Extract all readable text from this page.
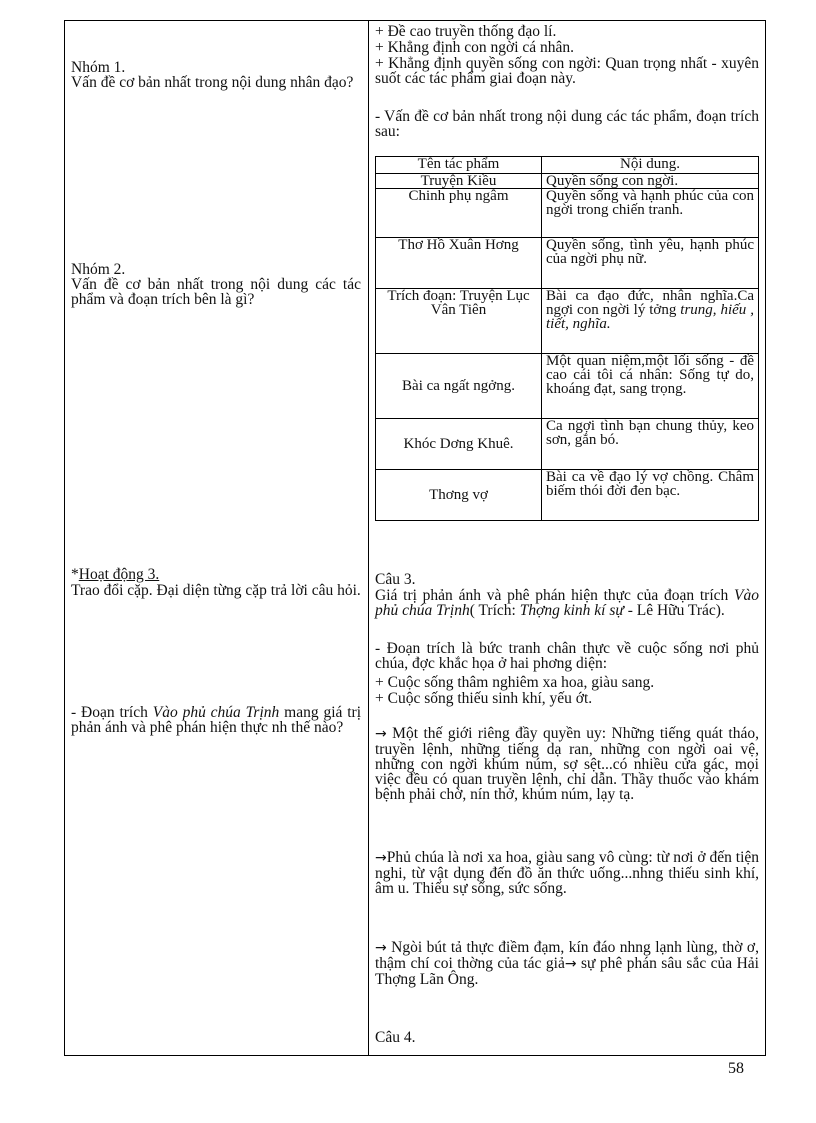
Nhóm 1.

Vấn đề cơ bản nhất trong nội dung nhân đạo?

Nhóm 2.

Vấn đề cơ bản nhất trong nội dung các tác phẩm và đoạn trích bên là gì?

*Hoạt động 3.

Trao đổi cặp. Đại diện từng cặp trả lời câu hỏi.

- Đoạn trích Vào phủ chúa Trịnh mang giá trị phản ánh và phê phán hiện thực nh thế nào?

+ Đề cao truyền thống đạo lí.

+ Khẳng định con ngời cá nhân.

+ Khẳng định quyền sống con ngời: Quan trọng nhất - xuyên suốt các tác phẩm giai đoạn này.

- Vấn đề cơ bản nhất trong nội dung các tác phẩm, đoạn trích sau:

Tên tác phẩm	Nội dung.
Truyện Kiều	Quyền sống con ngời.
Chinh phụ ngâm	Quyền sống và hạnh phúc của con ngời trong chiến tranh.
Thơ Hồ Xuân Hơng	Quyền sống, tình yêu, hạnh phúc của ngời phụ nữ.
Trích đoạn: Truyện Lục Vân Tiên	Bài ca đạo đức, nhân nghĩa.Ca ngợi con ngời lý tởng trung, hiếu , tiết, nghĩa.
Bài ca ngất ngởng.	Một quan niệm,một lối sống - đề cao cái tôi cá nhân: Sống tự do, khoáng đạt, sang trọng.
Khóc Dơng Khuê.	Ca ngợi tình bạn chung thủy, keo sơn, gắn bó.
Thơng vợ	Bài ca về đạo lý vợ chồng. Châm biếm thói đời đen bạc.

Câu 3.

Giá trị phản ánh và phê phán hiện thực của đoạn trích Vào phủ chúa Trịnh( Trích: Thợng kinh kí sự - Lê Hữu Trác).

- Đoạn trích là bức tranh chân thực về cuộc sống nơi phủ chúa, đợc khắc họa ở hai phơng diện:

+ Cuộc sống thâm nghiêm xa hoa, giàu sang.

+ Cuộc sống thiếu sinh khí, yếu ớt.

→ Một thế giới riêng đầy quyền uy: Những tiếng quát tháo, truyền lệnh, những tiếng dạ ran, những con ngời oai vệ, những con ngời khúm núm, sợ sệt...có nhiều cửa gác, mọi việc đều có quan truyền lệnh, chỉ dẫn. Thầy thuốc vào khám bệnh phải chờ, nín thở, khúm núm, lạy tạ.

→Phủ chúa là nơi xa hoa, giàu sang vô cùng: từ nơi ở đến tiện nghi, từ vật dụng đến đồ ăn thức uống...nhng thiếu sinh khí, âm u. Thiếu sự sống, sức sống.

→ Ngòi bút tả thực điềm đạm, kín đáo nhng lạnh lùng, thờ ơ, thậm chí coi thờng của tác giả→ sự phê phán sâu sắc của Hải Thợng Lãn Ông.

Câu 4.

58
